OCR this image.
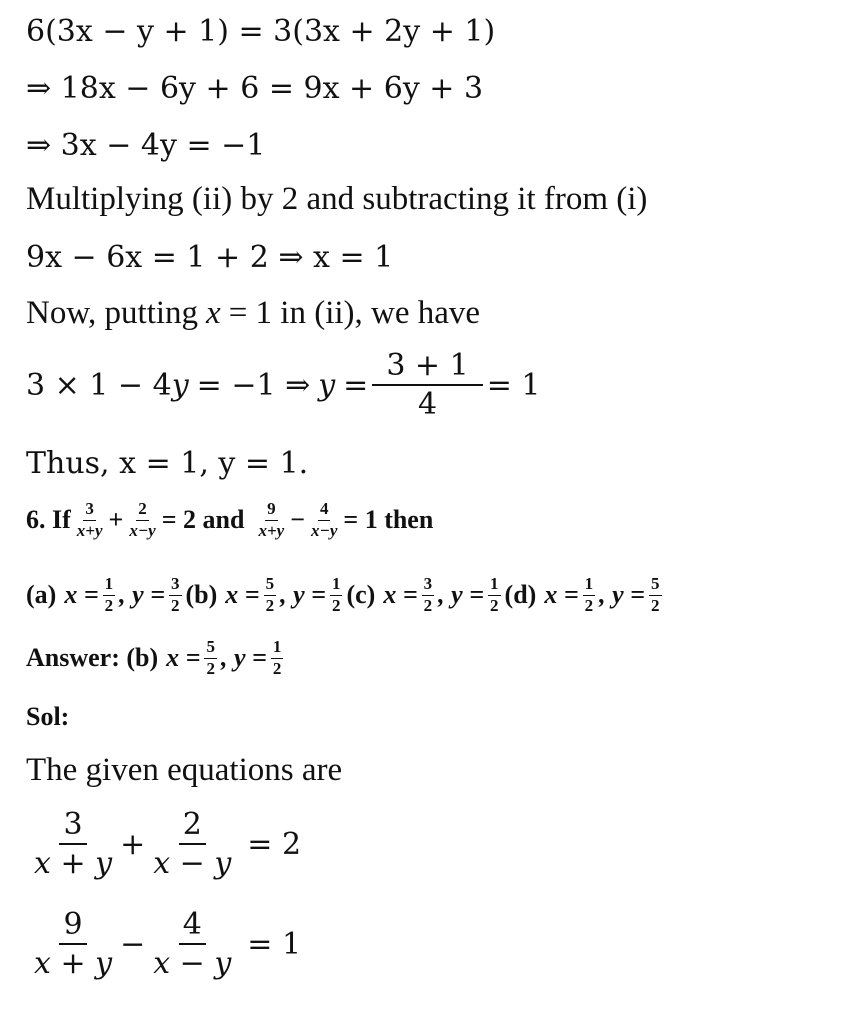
6(3x − y + 1) = 3(3x + 2y + 1)
⇒ 18x − 6y + 6 = 9x + 6y + 3
⇒ 3x − 4y = −1
Multiplying (ii) by 2 and subtracting it from (i)
9x − 6x = 1 + 2 ⇒ x = 1
Now, putting x = 1 in (ii), we have
3 × 1 − 4 y = −1 ⇒ $y = \frac{3 + 1}{4} = 1$
Thus, x = 1, y = 1.
6. If $\frac{3}{x+y} + \frac{2}{x-y} = 2$ and $\frac{9}{x+y} - \frac{4}{x-y} = 1$ then
(a) $x = \frac{1}{2}$ , $y = \frac{3}{2} (b) x = \frac{5}{2}$ , $y = \frac{1}{2} (c) x = \frac{3}{2}$ , $y = \frac{1}{2} (d) x = \frac{1}{2}$ , $y = \frac{5}{2}$
Answer: (b) $x = \frac{5}{2}$ , $y = \frac{1}{2}$
Sol:
The given equations are
$\frac{3}{x + y} + \frac{2}{x - y} = 2$
$\frac{9}{x + y} - \frac{4}{x - y} = 1$
